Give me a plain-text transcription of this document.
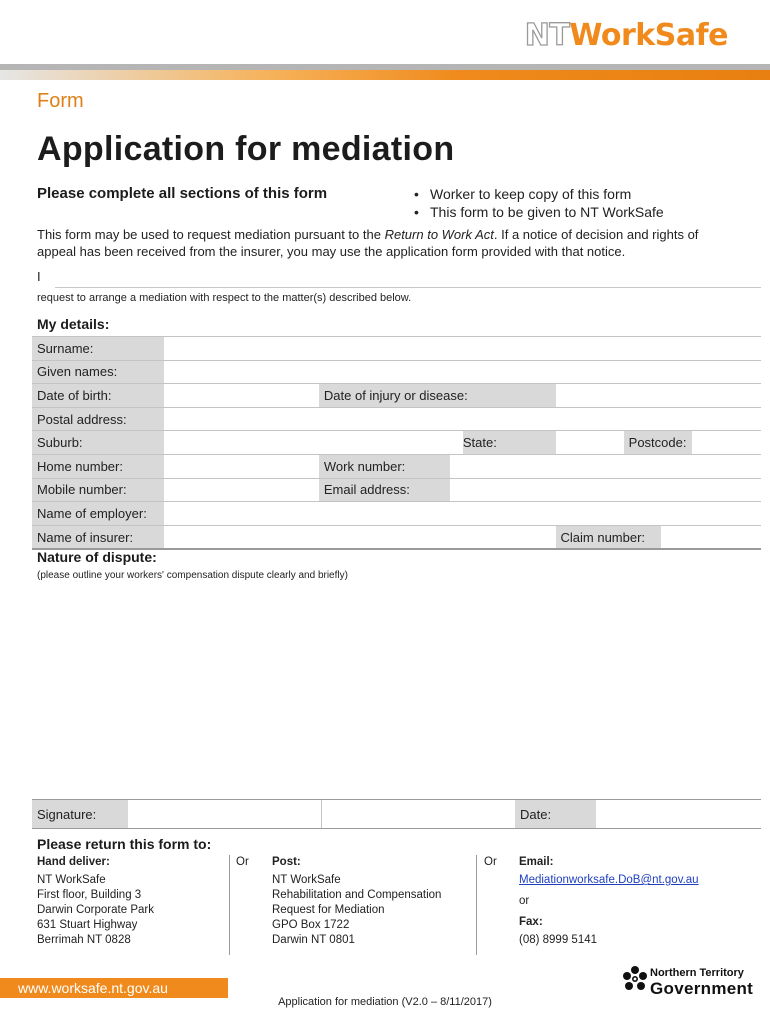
NTWorkSafe
Form
Application for mediation
Please complete all sections of this form	• Worker to keep copy of this form
• This form to be given to NT WorkSafe
This form may be used to request mediation pursuant to the Return to Work Act. If a notice of decision and rights of appeal has been received from the insurer, you may use the application form provided with that notice.
I
request to arrange a mediation with respect to the matter(s) described below.
My details:
Surname:								
Given names:								
Date of birth:		Date of injury or disease:						
Postal address:								
Suburb:				State:		Postcode:		
Home number:		Work number:						
Mobile number:		Email address:						
Name of employer:								
Name of insurer:					Claim number:			
Nature of dispute:
(please outline your workers' compensation dispute clearly and briefly)
Signature:			Date:	
Please return this form to:
Hand deliver:
NT WorkSafe
First floor, Building 3
Darwin Corporate Park
631 Stuart Highway
Berrimah NT 0828
Or Post:
NT WorkSafe
Rehabilitation and Compensation
Request for Mediation
GPO Box 1722
Darwin NT 0801
Or Email:
Mediationworksafe.DoB@nt.gov.au
or
Fax:
(08) 8999 5141
www.worksafe.nt.gov.au
Application for mediation (V2.0 – 8/11/2017)
Northern Territory
Government
